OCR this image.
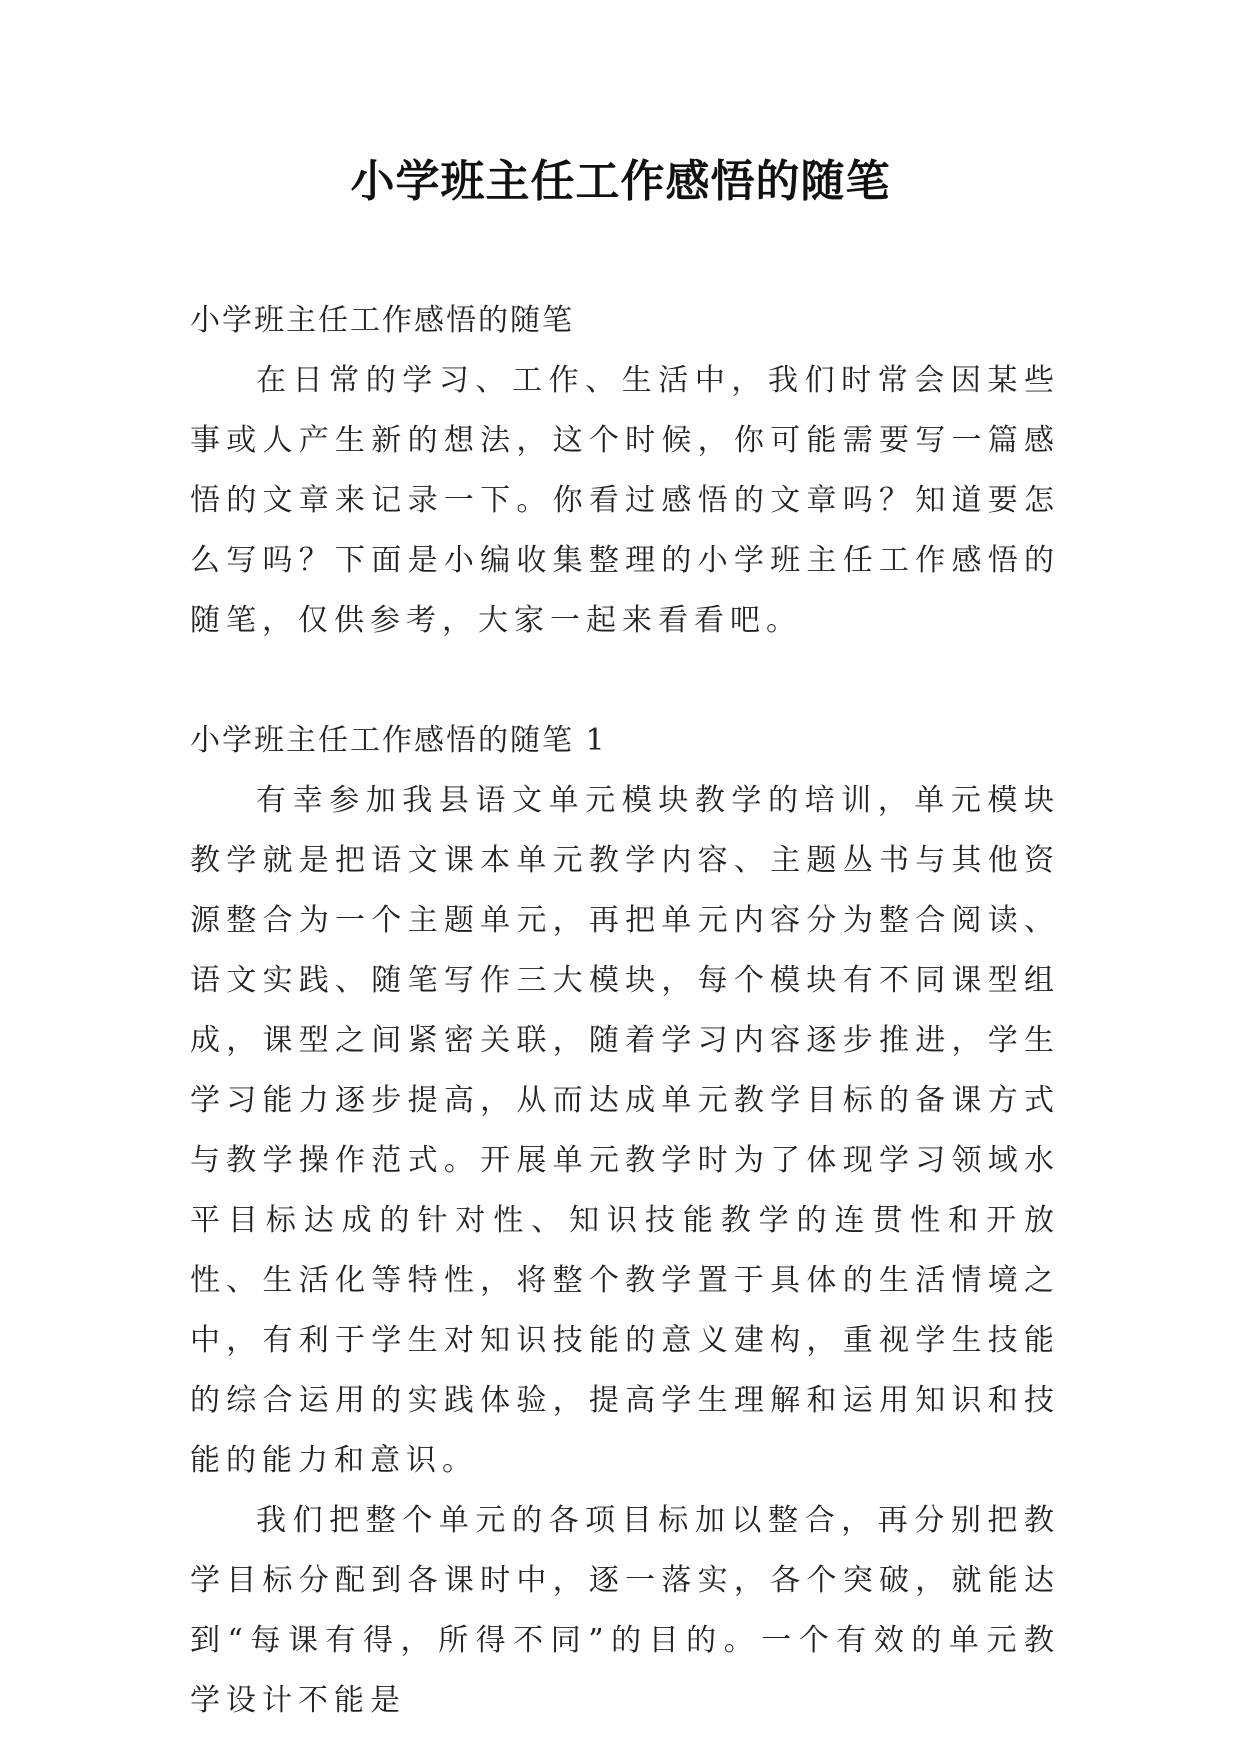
小学班主任工作感悟的随笔

小学班主任工作感悟的随笔

在日常的学习、工作、生活中，我们时常会因某些事或人产生新的想法，这个时候，你可能需要写一篇感悟的文章来记录一下。你看过感悟的文章吗？知道要怎么写吗？下面是小编收集整理的小学班主任工作感悟的随笔，仅供参考，大家一起来看看吧。

小学班主任工作感悟的随笔 1

有幸参加我县语文单元模块教学的培训，单元模块教学就是把语文课本单元教学内容、主题丛书与其他资源整合为一个主题单元，再把单元内容分为整合阅读、语文实践、随笔写作三大模块，每个模块有不同课型组成，课型之间紧密关联，随着学习内容逐步推进，学生学习能力逐步提高，从而达成单元教学目标的备课方式与教学操作范式。开展单元教学时为了体现学习领域水平目标达成的针对性、知识技能教学的连贯性和开放性、生活化等特性，将整个教学置于具体的生活情境之中，有利于学生对知识技能的意义建构，重视学生技能的综合运用的实践体验，提高学生理解和运用知识和技能的能力和意识。

我们把整个单元的各项目标加以整合，再分别把教学目标分配到各课时中，逐一落实，各个突破，就能达到“每课有得，所得不同”的目的。一个有效的单元教学设计不能是
